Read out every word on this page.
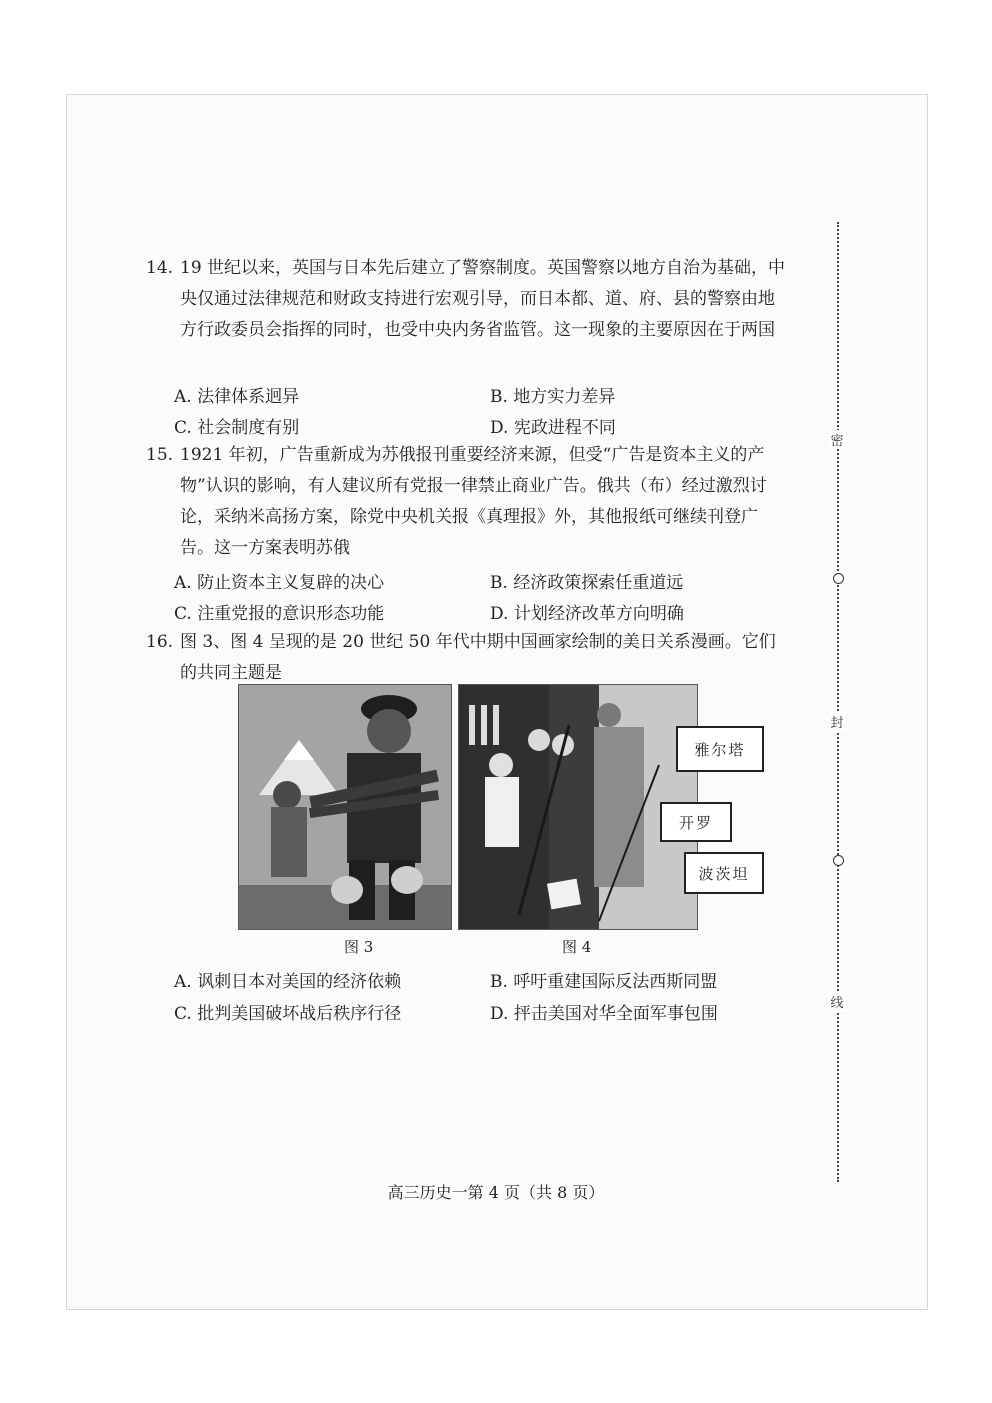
14. 19 世纪以来，英国与日本先后建立了警察制度。英国警察以地方自治为基础，中央仅通过法律规范和财政支持进行宏观引导，而日本都、道、府、县的警察由地方行政委员会指挥的同时，也受中央内务省监管。这一现象的主要原因在于两国
A. 法律体系迥异	B. 地方实力差异
C. 社会制度有别	D. 宪政进程不同
15. 1921 年初，广告重新成为苏俄报刊重要经济来源，但受“广告是资本主义的产物”认识的影响，有人建议所有党报一律禁止商业广告。俄共（布）经过激烈讨论，采纳米高扬方案，除党中央机关报《真理报》外，其他报纸可继续刊登广告。这一方案表明苏俄
A. 防止资本主义复辟的决心	B. 经济政策探索任重道远
C. 注重党报的意识形态功能	D. 计划经济改革方向明确
16. 图 3、图 4 呈现的是 20 世纪 50 年代中期中国画家绘制的美日关系漫画。它们的共同主题是
雅尔塔
开罗
波茨坦
图 3	图 4
A. 讽刺日本对美国的经济依赖	B. 呼吁重建国际反法西斯同盟
C. 批判美国破坏战后秩序行径	D. 抨击美国对华全面军事包围
高三历史一第 4 页（共 8 页）
密
封
线
